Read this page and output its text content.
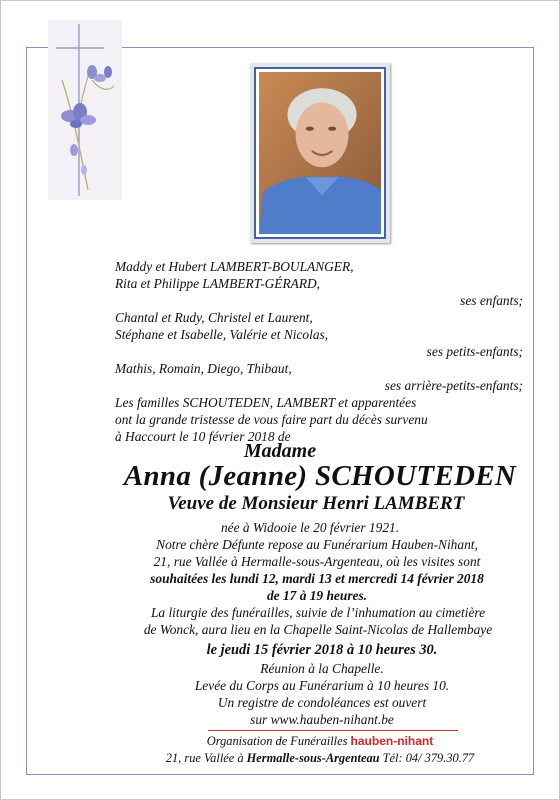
Maddy et Hubert LAMBERT-BOULANGER,
Rita et Philippe LAMBERT-GÉRARD,
ses enfants;
Chantal et Rudy, Christel et Laurent,
Stéphane et Isabelle, Valérie et Nicolas,
ses petits-enfants;
Mathis, Romain, Diego, Thibaut,
ses arrière-petits-enfants;
Les familles SCHOUTEDEN, LAMBERT et apparentées
ont la grande tristesse de vous faire part du décès survenu
à Haccourt le 10 février 2018 de
Madame
Anna (Jeanne) SCHOUTEDEN
Veuve de Monsieur Henri LAMBERT
née à Widooie le 20 février 1921.
Notre chère Défunte repose au Funérarium Hauben-Nihant,
21, rue Vallée à Hermalle-sous-Argenteau, où les visites sont
souhaitées les lundi 12, mardi 13 et mercredi 14 février 2018
de 17 à 19 heures.
La liturgie des funérailles, suivie de l’inhumation au cimetière
de Wonck, aura lieu en la Chapelle Saint-Nicolas de Hallembaye
le jeudi 15 février 2018 à 10 heures 30.
Réunion à la Chapelle.
Levée du Corps au Funérarium à 10 heures 10.
Un registre de condoléances est ouvert
sur www.hauben-nihant.be
Organisation de Funérailles hauben-nihant
21, rue Vallée à Hermalle-sous-Argenteau Tél: 04/ 379.30.77
